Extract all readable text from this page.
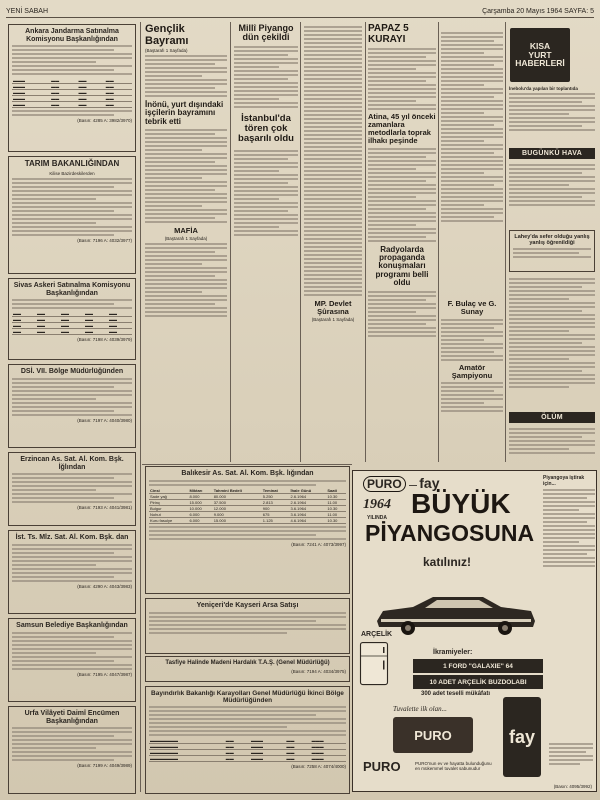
YENİ SABAH	Çarşamba 20 Mayıs 1964 SAYFA: 5
Ankara Jandarma Satınalma Komisyonu Başkanlığından
▬▬▬	▬▬	▬▬	▬▬
▬▬▬	▬▬	▬▬	▬▬
▬▬▬	▬▬	▬▬	▬▬
▬▬▬	▬▬	▬▬	▬▬
▬▬▬	▬▬	▬▬	▬▬
(Basın: 4285 A: 3982/3970)
TARIM BAKANLIĞINDAN
Kilise Bazirdeskilerden
(Basın: 7196 A: 4032/3977)
Sivas Askeri Satınalma Komisyonu Başkanlığından
▬▬	▬▬	▬▬	▬▬	▬▬
▬▬	▬▬	▬▬	▬▬	▬▬
▬▬	▬▬	▬▬	▬▬	▬▬
▬▬	▬▬	▬▬	▬▬	▬▬
(Basın: 7198 A: 4039/3979)
DSİ. VII. Bölge Müdürlüğünden
(Basın: 7197 A: 4040/3980)
Erzincan As. Sat. Al. Kom. Bşk. İğlından
(Basın: 7193 A: 4041/3981)
İst. Ts. Mlz. Sat. Al. Kom. Bşk. dan
(Basın: 4290 A: 4043/3983)
Samsun Belediye Başkanlığından
(Basın: 7195 A: 4047/3987)
Urfa Vilâyeti Daimî Encümen Başkanlığından
(Basın: 7199 A: 4049/3989)
Gençlik Bayramı
(Baştarafı 1 Sayfada)
İnönü, yurt dışındaki işçilerin bayramını tebrik etti
MAFİA
(Baştarafı 1 Sayfada)
Millî Piyango dün çekildi
İstanbul'da tören çok başarılı oldu
MP. Devlet Şûrasına
(Baştarafı 1 Sayfada)
PAPAZ 5 KURAYI
Atina, 45 yıl önceki zamanlara metodlarla toprak ilhakı peşinde
Radyolarda propaganda konuşmaları programı belli oldu
F. Bulaç ve G. Sunay
Amatör Şampiyonu
KISA
YURT
HABERLERİ
İnebolu'da yapılan bir toplantıda
BUGÜNKÜ HAVA
Lahey'da sefer olduğu yanlış yanlış öğrenildiği
ÖLÜM
Balıkesir As. Sat. Al. Kom. Bşk. lığından
Cinsi	Miktarı	Tahmini Bedeli	Teminat	İhale Günü	Saati
Sade yağ	8.000	80.000	5.250	2.6.1964	10.30
Pirinç	15.000	37.500	2.813	2.6.1964	11.00
Bulgur	10.000	12.000	900	3.6.1964	10.30
Nohut	6.000	9.000	675	3.6.1964	11.00
Kuru fasulye	6.000	15.000	1.125	4.6.1964	10.30
(Basın: 7241 A: 4073/3997)
Yeniçeri'de Kayseri Arsa Satışı
Tasfiye Halinde Madeni Hardalık T.A.Ş. (Genel Müdürlüğü)
(Basın: 7194 A: 4034/3975)
Bayındırlık Bakanlığı Karayolları Genel Müdürlüğü İkinci Bölge Müdürlüğünden
▬▬▬▬▬▬▬	▬▬	▬▬▬	▬▬	▬▬▬
▬▬▬▬▬▬▬	▬▬	▬▬▬	▬▬	▬▬▬
▬▬▬▬▬▬▬	▬▬	▬▬▬	▬▬	▬▬▬
▬▬▬▬▬▬▬	▬▬	▬▬▬	▬▬	▬▬▬
(Basın: 7258 A: 4074/4000)
PURO — fay
1964
YILINDA BÜYÜK
PİYANGOSUNA
katılınız!
Piyangoya iştirak için...
ARÇELİK
İkramiyeler:
1 FORD "GALAXIE" 64
10 ADET ARÇELİK BUZDOLABI
300 adet teselli mükâfatı
Tuvalette ilk olan...
PURO	fay
PURO	PURO'nun ev ve hayatta bulunduğunu en mükemmel tuvalet sabunudur
(Basın: 4095/3992)
